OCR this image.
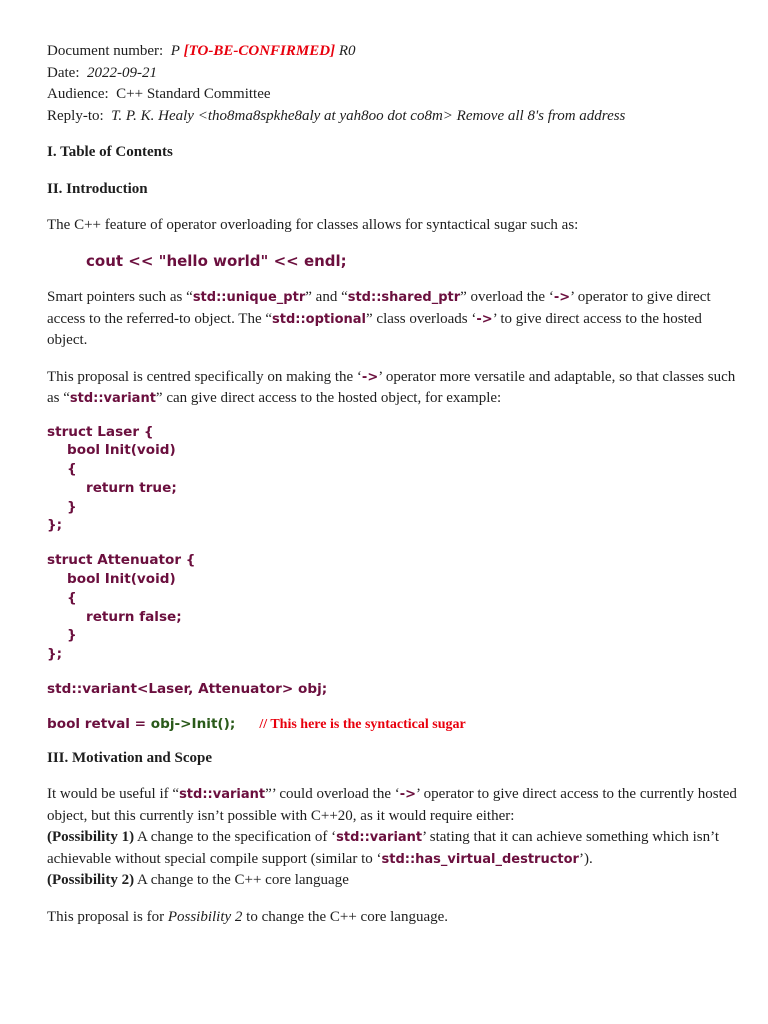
Document number: P [TO-BE-CONFIRMED] R0
Date: 2022-09-21
Audience: C++ Standard Committee
Reply-to: T. P. K. Healy <tho8ma8spkhe8aly at yah8oo dot co8m> Remove all 8's from address
I. Table of Contents
II. Introduction

The C++ feature of operator overloading for classes allows for syntactical sugar such as:

cout << "hello world" << endl;

Smart pointers such as “std::unique_ptr” and “std::shared_ptr” overload the ‘->’ operator to give direct access to the referred-to object. The “std::optional” class overloads ‘->’ to give direct access to the hosted object.

This proposal is centred specifically on making the ‘->’ operator more versatile and adaptable, so that classes such as “std::variant” can give direct access to the hosted object, for example:

struct Laser {
bool Init(void)
{
return true;
}
};
struct Attenuator {
bool Init(void)
{
return false;
}
};
std::variant<Laser, Attenuator> obj;
bool retval = obj->Init(); // This here is the syntactical sugar
III. Motivation and Scope

It would be useful if “std::variant”’ could overload the ‘->’ operator to give direct access to the currently hosted object, but this currently isn’t possible with C++20, as it would require either:
(Possibility 1) A change to the specification of ‘std::variant’ stating that it can achieve something which isn’t achievable without special compile support (similar to ‘std::has_virtual_destructor’).
(Possibility 2) A change to the C++ core language

This proposal is for Possibility 2 to change the C++ core language.
